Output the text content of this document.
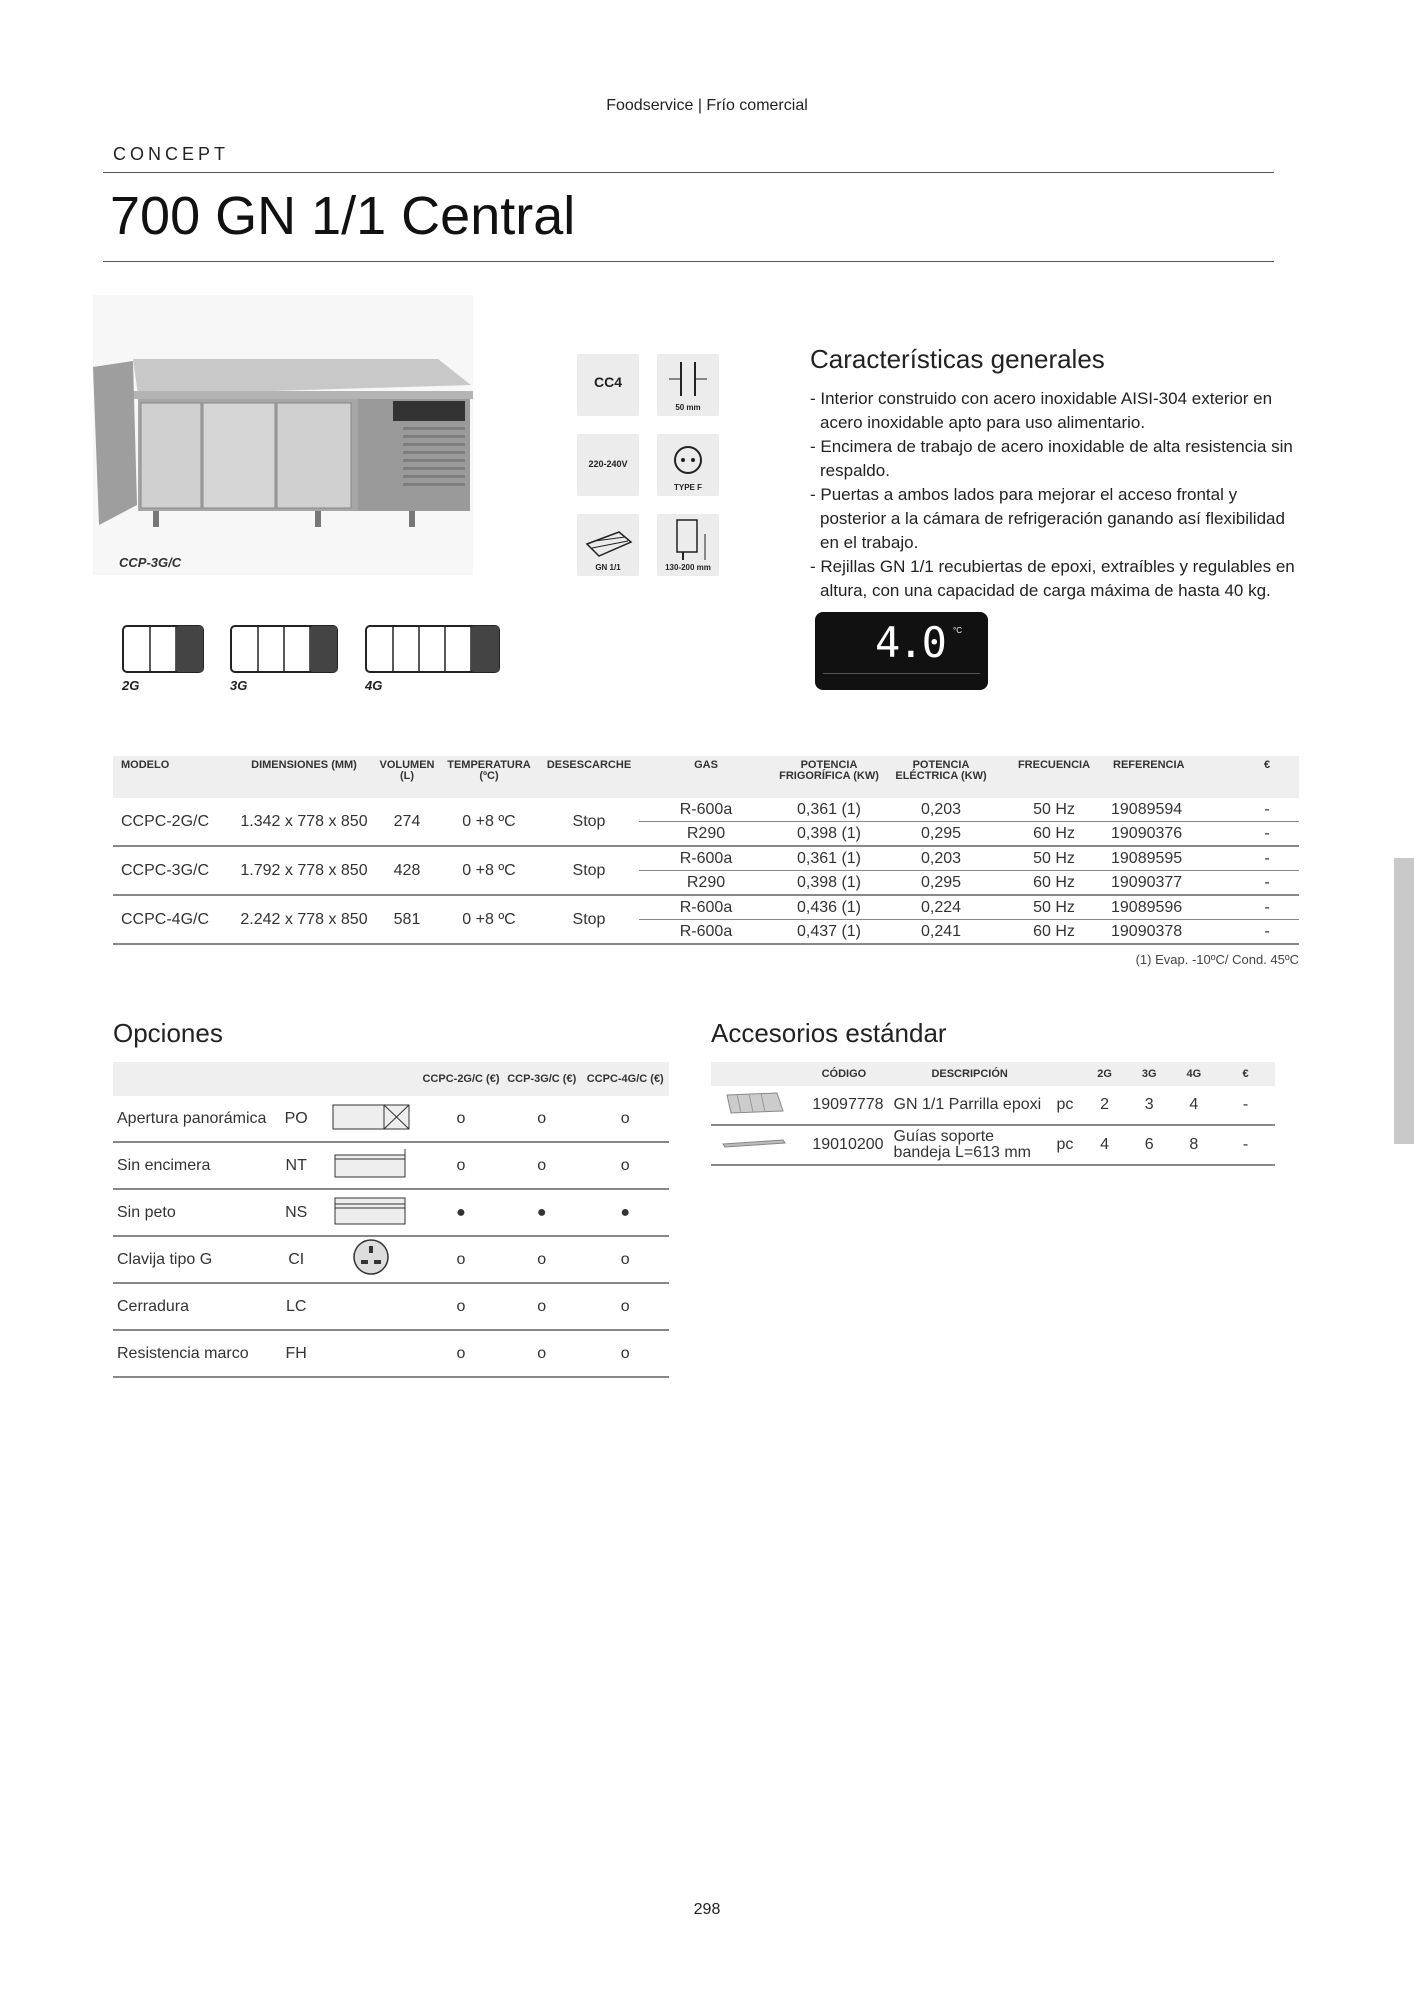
Foodservice | Frío comercial
CONCEPT
700 GN 1/1 Central
CCP-3G/C
CC4
50 mm
220-240V
TYPE F
GN 1/1	130-200 mm
2G	3G	4G
Características generales
- Interior construido con acero inoxidable AISI-304 exterior en acero inoxidable apto para uso alimentario.
- Encimera de trabajo de acero inoxidable de alta resistencia sin respaldo.
- Puertas a ambos lados para mejorar el acceso frontal y posterior a la cámara de refrigeración ganando así flexibilidad en el trabajo.
- Rejillas GN 1/1 recubiertas de epoxi, extraíbles y regulables en altura, con una capacidad de carga máxima de hasta 40 kg.
4.0 °C
MODELO	DIMENSIONES (MM)	VOLUMEN (L)	TEMPERATURA (ºC)	DESESCARCHE	GAS	POTENCIA FRIGORÍFICA (KW)	POTENCIA ELÉCTRICA (KW)	FRECUENCIA	REFERENCIA	€
CCPC-2G/C	1.342 x 778 x 850	274	0 +8 ºC	Stop	R-600a	0,361 (1)	0,203	50 Hz	19089594	-
					R290	0,398 (1)	0,295	60 Hz	19090376	-
CCPC-3G/C	1.792 x 778 x 850	428	0 +8 ºC	Stop	R-600a	0,361 (1)	0,203	50 Hz	19089595	-
					R290	0,398 (1)	0,295	60 Hz	19090377	-
CCPC-4G/C	2.242 x 778 x 850	581	0 +8 ºC	Stop	R-600a	0,436 (1)	0,224	50 Hz	19089596	-
					R-600a	0,437 (1)	0,241	60 Hz	19090378	-
(1) Evap. -10ºC/ Cond. 45ºC
Opciones
			CCPC-2G/C (€)	CCP-3G/C (€)	CCPC-4G/C (€)
Apertura panorámica	PO		o	o	o
Sin encimera	NT		o	o	o
Sin peto	NS		●	●	●
Clavija tipo G	CI		o	o	o
Cerradura	LC		o	o	o
Resistencia marco	FH		o	o	o
Accesorios estándar
	CÓDIGO	DESCRIPCIÓN		2G	3G	4G	€
	19097778	GN 1/1 Parrilla epoxi	pc	2	3	4	-
	19010200	Guías soporte bandeja L=613 mm	pc	4	6	8	-
298
